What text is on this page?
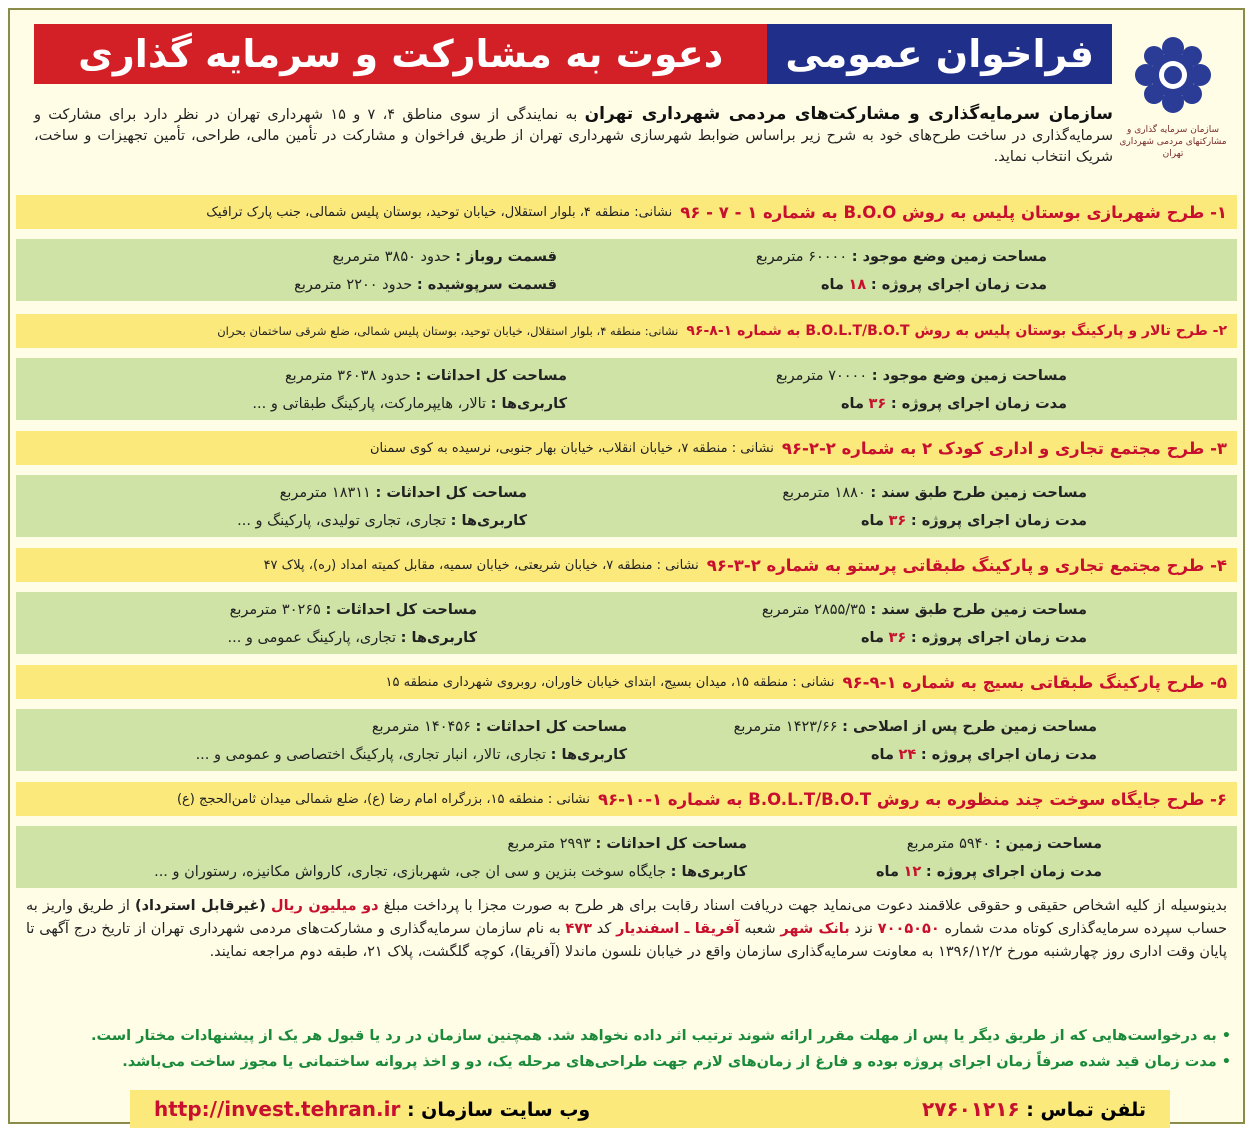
سازمان سرمایه گذاری و مشارکتهای مردمی شهرداری تهران
فراخوان عمومی
دعوت به مشارکت و سرمایه گذاری
سازمان سرمایه‌گذاری و مشارکت‌های مردمی شهرداری تهران به نمایندگی از سوی مناطق ۴، ۷ و ۱۵ شهرداری تهران در نظر دارد برای مشارکت و سرمایه‌گذاری در ساخت طرح‌های خود به شرح زیر براساس ضوابط شهرسازی شهرداری تهران از طریق فراخوان و مشارکت در تأمین مالی، طراحی، تأمین تجهیزات و ساخت، شریک انتخاب نماید.
۱- طرح شهربازی بوستان پلیس به روش B.O.O به شماره ۱ - ۷ - ۹۶
نشانی: منطقه ۴، بلوار استقلال، خیابان توحید، بوستان پلیس شمالی، جنب پارک ترافیک
مساحت زمین وضع موجود : ۶۰۰۰۰ مترمربع
مدت زمان اجرای پروژه : ۱۸ ماه
قسمت روباز : حدود ۳۸۵۰ مترمربع
قسمت سرپوشیده : حدود ۲۲۰۰ مترمربع
۲- طرح تالار و پارکینگ بوستان پلیس به روش B.O.L.T/B.O.T به شماره ۱-۸-۹۶
نشانی: منطقه ۴، بلوار استقلال، خیابان توحید، بوستان پلیس شمالی، ضلع شرقی ساختمان بحران
مساحت زمین وضع موجود : ۷۰۰۰۰ مترمربع
مدت زمان اجرای پروژه : ۳۶ ماه
مساحت کل احداثات : حدود ۳۶۰۳۸ مترمربع
کاربری‌ها : تالار، هایپرمارکت، پارکینگ طبقاتی و ...
۳- طرح مجتمع تجاری و اداری کودک ۲ به شماره ۲-۲-۹۶
نشانی : منطقه ۷، خیابان انقلاب، خیابان بهار جنوبی، نرسیده به کوی سمنان
مساحت زمین طرح طبق سند : ۱۸۸۰ مترمربع
مدت زمان اجرای پروژه : ۳۶ ماه
مساحت کل احداثات : ۱۸۳۱۱ مترمربع
کاربری‌ها : تجاری، تجاری تولیدی، پارکینگ و ...
۴- طرح مجتمع تجاری و پارکینگ طبقاتی پرستو به شماره ۲-۳-۹۶
نشانی : منطقه ۷، خیابان شریعتی، خیابان سمیه، مقابل کمیته امداد (ره)، پلاک ۴۷
مساحت زمین طرح طبق سند : ۲۸۵۵/۳۵ مترمربع
مدت زمان اجرای پروژه : ۳۶ ماه
مساحت کل احداثات : ۳۰۲۶۵ مترمربع
کاربری‌ها : تجاری، پارکینگ عمومی و ...
۵- طرح پارکینگ طبقاتی بسیج به شماره ۱-۹-۹۶
نشانی : منطقه ۱۵، میدان بسیج، ابتدای خیابان خاوران، روبروی شهرداری منطقه ۱۵
مساحت زمین طرح پس از اصلاحی : ۱۴۲۳/۶۶ مترمربع
مدت زمان اجرای پروژه : ۲۴ ماه
مساحت کل احداثات : ۱۴۰۴۵۶ مترمربع
کاربری‌ها : تجاری، تالار، انبار تجاری، پارکینگ اختصاصی و عمومی و ...
۶- طرح جایگاه سوخت چند منظوره به روش B.O.L.T/B.O.T به شماره ۱-۱۰-۹۶
نشانی : منطقه ۱۵، بزرگراه امام رضا (ع)، ضلع شمالی میدان ثامن‌الحجج (ع)
مساحت زمین : ۵۹۴۰ مترمربع
مدت زمان اجرای پروژه : ۱۲ ماه
مساحت کل احداثات : ۲۹۹۳ مترمربع
کاربری‌ها : جایگاه سوخت بنزین و سی ان جی، شهربازی، تجاری، کارواش مکانیزه، رستوران و ...
بدینوسیله از کلیه اشخاص حقیقی و حقوقی علاقمند دعوت می‌نماید جهت دریافت اسناد رقابت برای هر طرح به صورت مجزا با پرداخت مبلغ دو میلیون ریال (غیرقابل استرداد) از طریق واریز به حساب سپرده سرمایه‌گذاری کوتاه مدت شماره ۷۰۰۵۰۵۰ نزد بانک شهر شعبه آفریقا ـ اسفندیار کد ۴۷۳ به نام سازمان سرمایه‌گذاری و مشارکت‌های مردمی شهرداری تهران از تاریخ درج آگهی تا پایان وقت اداری روز چهارشنبه مورخ ۱۳۹۶/۱۲/۲ به معاونت سرمایه‌گذاری سازمان واقع در خیابان نلسون ماندلا (آفریقا)، کوچه گلگشت، پلاک ۲۱، طبقه دوم مراجعه نمایند.
• به درخواست‌هایی که از طریق دیگر یا پس از مهلت مقرر ارائه شوند ترتیب اثر داده نخواهد شد. همچنین سازمان در رد یا قبول هر یک از پیشنهادات مختار است.
• مدت زمان قید شده صرفاً زمان اجرای پروژه بوده و فارغ از زمان‌های لازم جهت طراحی‌های مرحله یک، دو و اخذ پروانه ساختمانی یا مجوز ساخت می‌باشد.
تلفن تماس : ۲۷۶۰۱۲۱۶
وب سایت سازمان : http://invest.tehran.ir
